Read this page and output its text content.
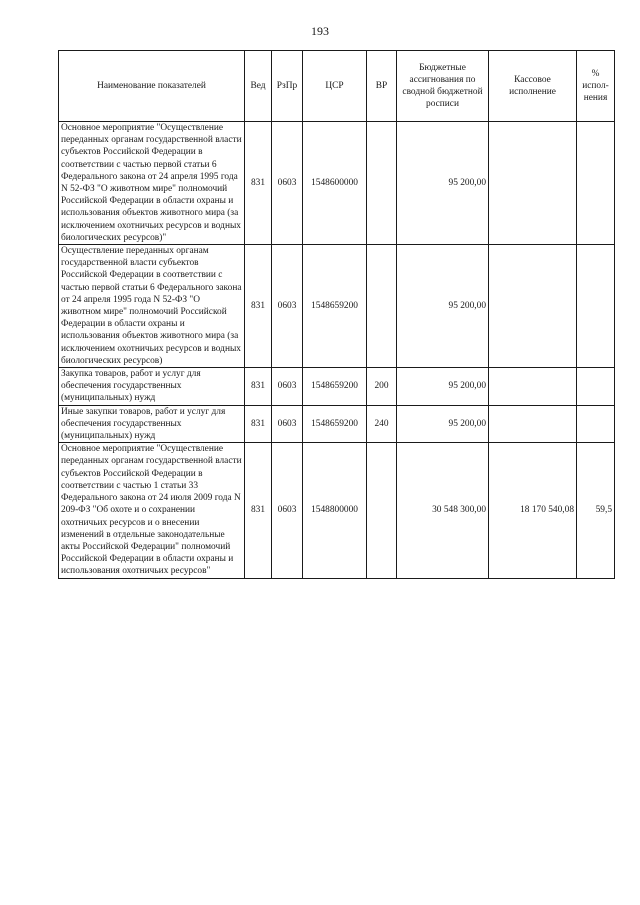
193
Наименование показателей	Вед	РзПр	ЦСР	ВР	Бюджетные ассигнования по сводной бюджетной росписи	Кассовое исполнение	% испол-нения
Основное мероприятие "Осуществление переданных органам государственной власти субъектов Российской Федерации в соответствии с частью первой статьи 6 Федерального закона от 24 апреля 1995 года N 52-ФЗ "О животном мире" полномочий Российской Федерации в области охраны и использования объектов животного мира (за исключением охотничьих ресурсов и водных биологических ресурсов)"	831	0603	1548600000		95 200,00		
Осуществление переданных органам государственной власти субъектов Российской Федерации в соответствии с частью первой статьи 6 Федерального закона от 24 апреля 1995 года N 52-ФЗ "О животном мире" полномочий Российской Федерации в области охраны и использования объектов животного мира (за исключением охотничьих ресурсов и водных биологических ресурсов)	831	0603	1548659200		95 200,00		
Закупка товаров, работ и услуг для обеспечения государственных (муниципальных) нужд	831	0603	1548659200	200	95 200,00		
Иные закупки товаров, работ и услуг для обеспечения государственных (муниципальных) нужд	831	0603	1548659200	240	95 200,00		
Основное мероприятие "Осуществление переданных органам государственной власти субъектов Российской Федерации в соответствии с частью 1 статьи 33 Федерального закона от 24 июля 2009 года N 209-ФЗ "Об охоте и о сохранении охотничьих ресурсов и о внесении изменений в отдельные законодательные акты Российской Федерации" полномочий Российской Федерации в области охраны и использования охотничьих ресурсов"	831	0603	1548800000		30 548 300,00	18 170 540,08	59,5
